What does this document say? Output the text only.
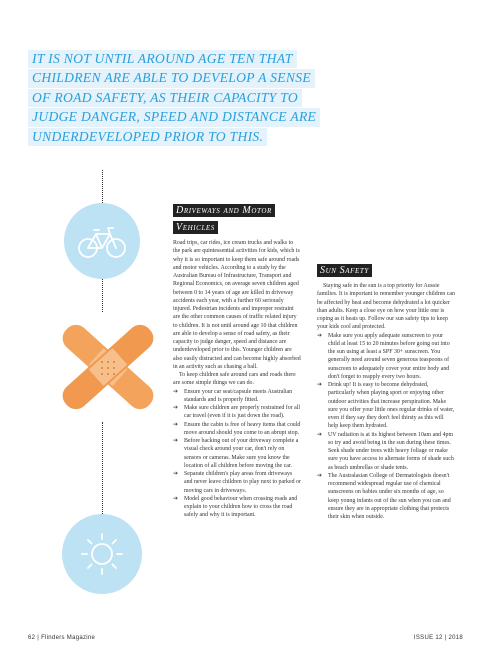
IT IS NOT UNTIL AROUND AGE TEN THAT
CHILDREN ARE ABLE TO DEVELOP A SENSE
OF ROAD SAFETY, AS THEIR CAPACITY TO
JUDGE DANGER, SPEED AND DISTANCE ARE
UNDERDEVELOPED PRIOR TO THIS.
Driveways and Motor
Vehicles

Road trips, car rides, ice cream trucks and walks to the park are quintessential activities for kids, which is why it is so important to keep them safe around roads and motor vehicles. According to a study by the Australian Bureau of Infrastructure, Transport and Regional Economics, on average seven children aged between 0 to 14 years of age are killed in driveway accidents each year, with a further 60 seriously injured. Pedestrian incidents and improper restraint are the other common causes of traffic related injury to children. It is not until around age 10 that children are able to develop a sense of road safety, as their capacity to judge danger, speed and distance are underdeveloped prior to this. Younger children are also easily distracted and can become highly absorbed in an activity such as chasing a ball.

To keep children safe around cars and roads there are some simple things we can do.

➔ Ensure your car seat/capsule meets Australian standards and is properly fitted.
➔ Make sure children are properly restrained for all car travel (even if it is just down the road).
➔ Ensure the cabin is free of heavy items that could move around should you come to an abrupt stop.
➔ Before backing out of your driveway complete a visual check around your car, don't rely on sensors or cameras. Make sure you know the location of all children before moving the car.
➔ Separate children's play areas from driveways and never leave children to play next to parked or moving cars in driveways.
➔ Model good behaviour when crossing roads and explain to your children how to cross the road safely and why it is important.
Sun Safety

Staying safe in the sun is a top priority for Aussie families. It is important to remember younger children can be affected by heat and become dehydrated a lot quicker than adults. Keep a close eye on how your little one is coping as it heats up. Follow our sun safety tips to keep your kids cool and protected.

➔ Make sure you apply adequate sunscreen to your child at least 15 to 20 minutes before going out into the sun using at least a SPF 30+ sunscreen. You generally need around seven generous teaspoons of sunscreen to adequately cover your entire body and don't forget to reapply every two hours.
➔ Drink up! It is easy to become dehydrated, particularly when playing sport or enjoying other outdoor activities that increase perspiration. Make sure you offer your little ones regular drinks of water, even if they say they don't feel thirsty as this will help keep them hydrated.
➔ UV radiation is at its highest between 10am and 4pm so try and avoid being in the sun during these times. Seek shade under trees with heavy foliage or make sure you have access to alternate forms of shade such as beach umbrellas or shade tents.
➔ The Australasian College of Dermatologists doesn't recommend widespread regular use of chemical sunscreens on babies under six months of age, so keep young infants out of the sun when you can and ensure they are in appropriate clothing that protects their skin when outside.
62 | Flinders Magazine	ISSUE 12 | 2018
